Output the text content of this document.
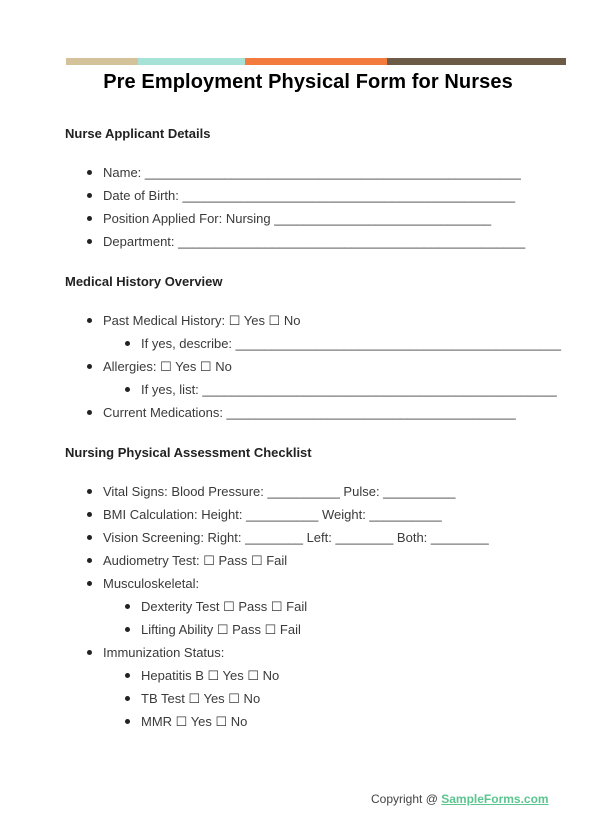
Pre Employment Physical Form for Nurses
Nurse Applicant Details
Name: ____________________________________________________
Date of Birth: ______________________________________________
Position Applied For: Nursing ______________________________
Department: ________________________________________________
Medical History Overview
Past Medical History: ☐ Yes ☐ No
If yes, describe: _____________________________________________
Allergies: ☐ Yes ☐ No
If yes, list: _________________________________________________
Current Medications: ________________________________________
Nursing Physical Assessment Checklist
Vital Signs: Blood Pressure: __________ Pulse: __________
BMI Calculation: Height: __________ Weight: __________
Vision Screening: Right: ________ Left: ________ Both: ________
Audiometry Test: ☐ Pass ☐ Fail
Musculoskeletal:
Dexterity Test ☐ Pass ☐ Fail
Lifting Ability ☐ Pass ☐ Fail
Immunization Status:
Hepatitis B ☐ Yes ☐ No
TB Test ☐ Yes ☐ No
MMR ☐ Yes ☐ No
Copyright @ SampleForms.com
